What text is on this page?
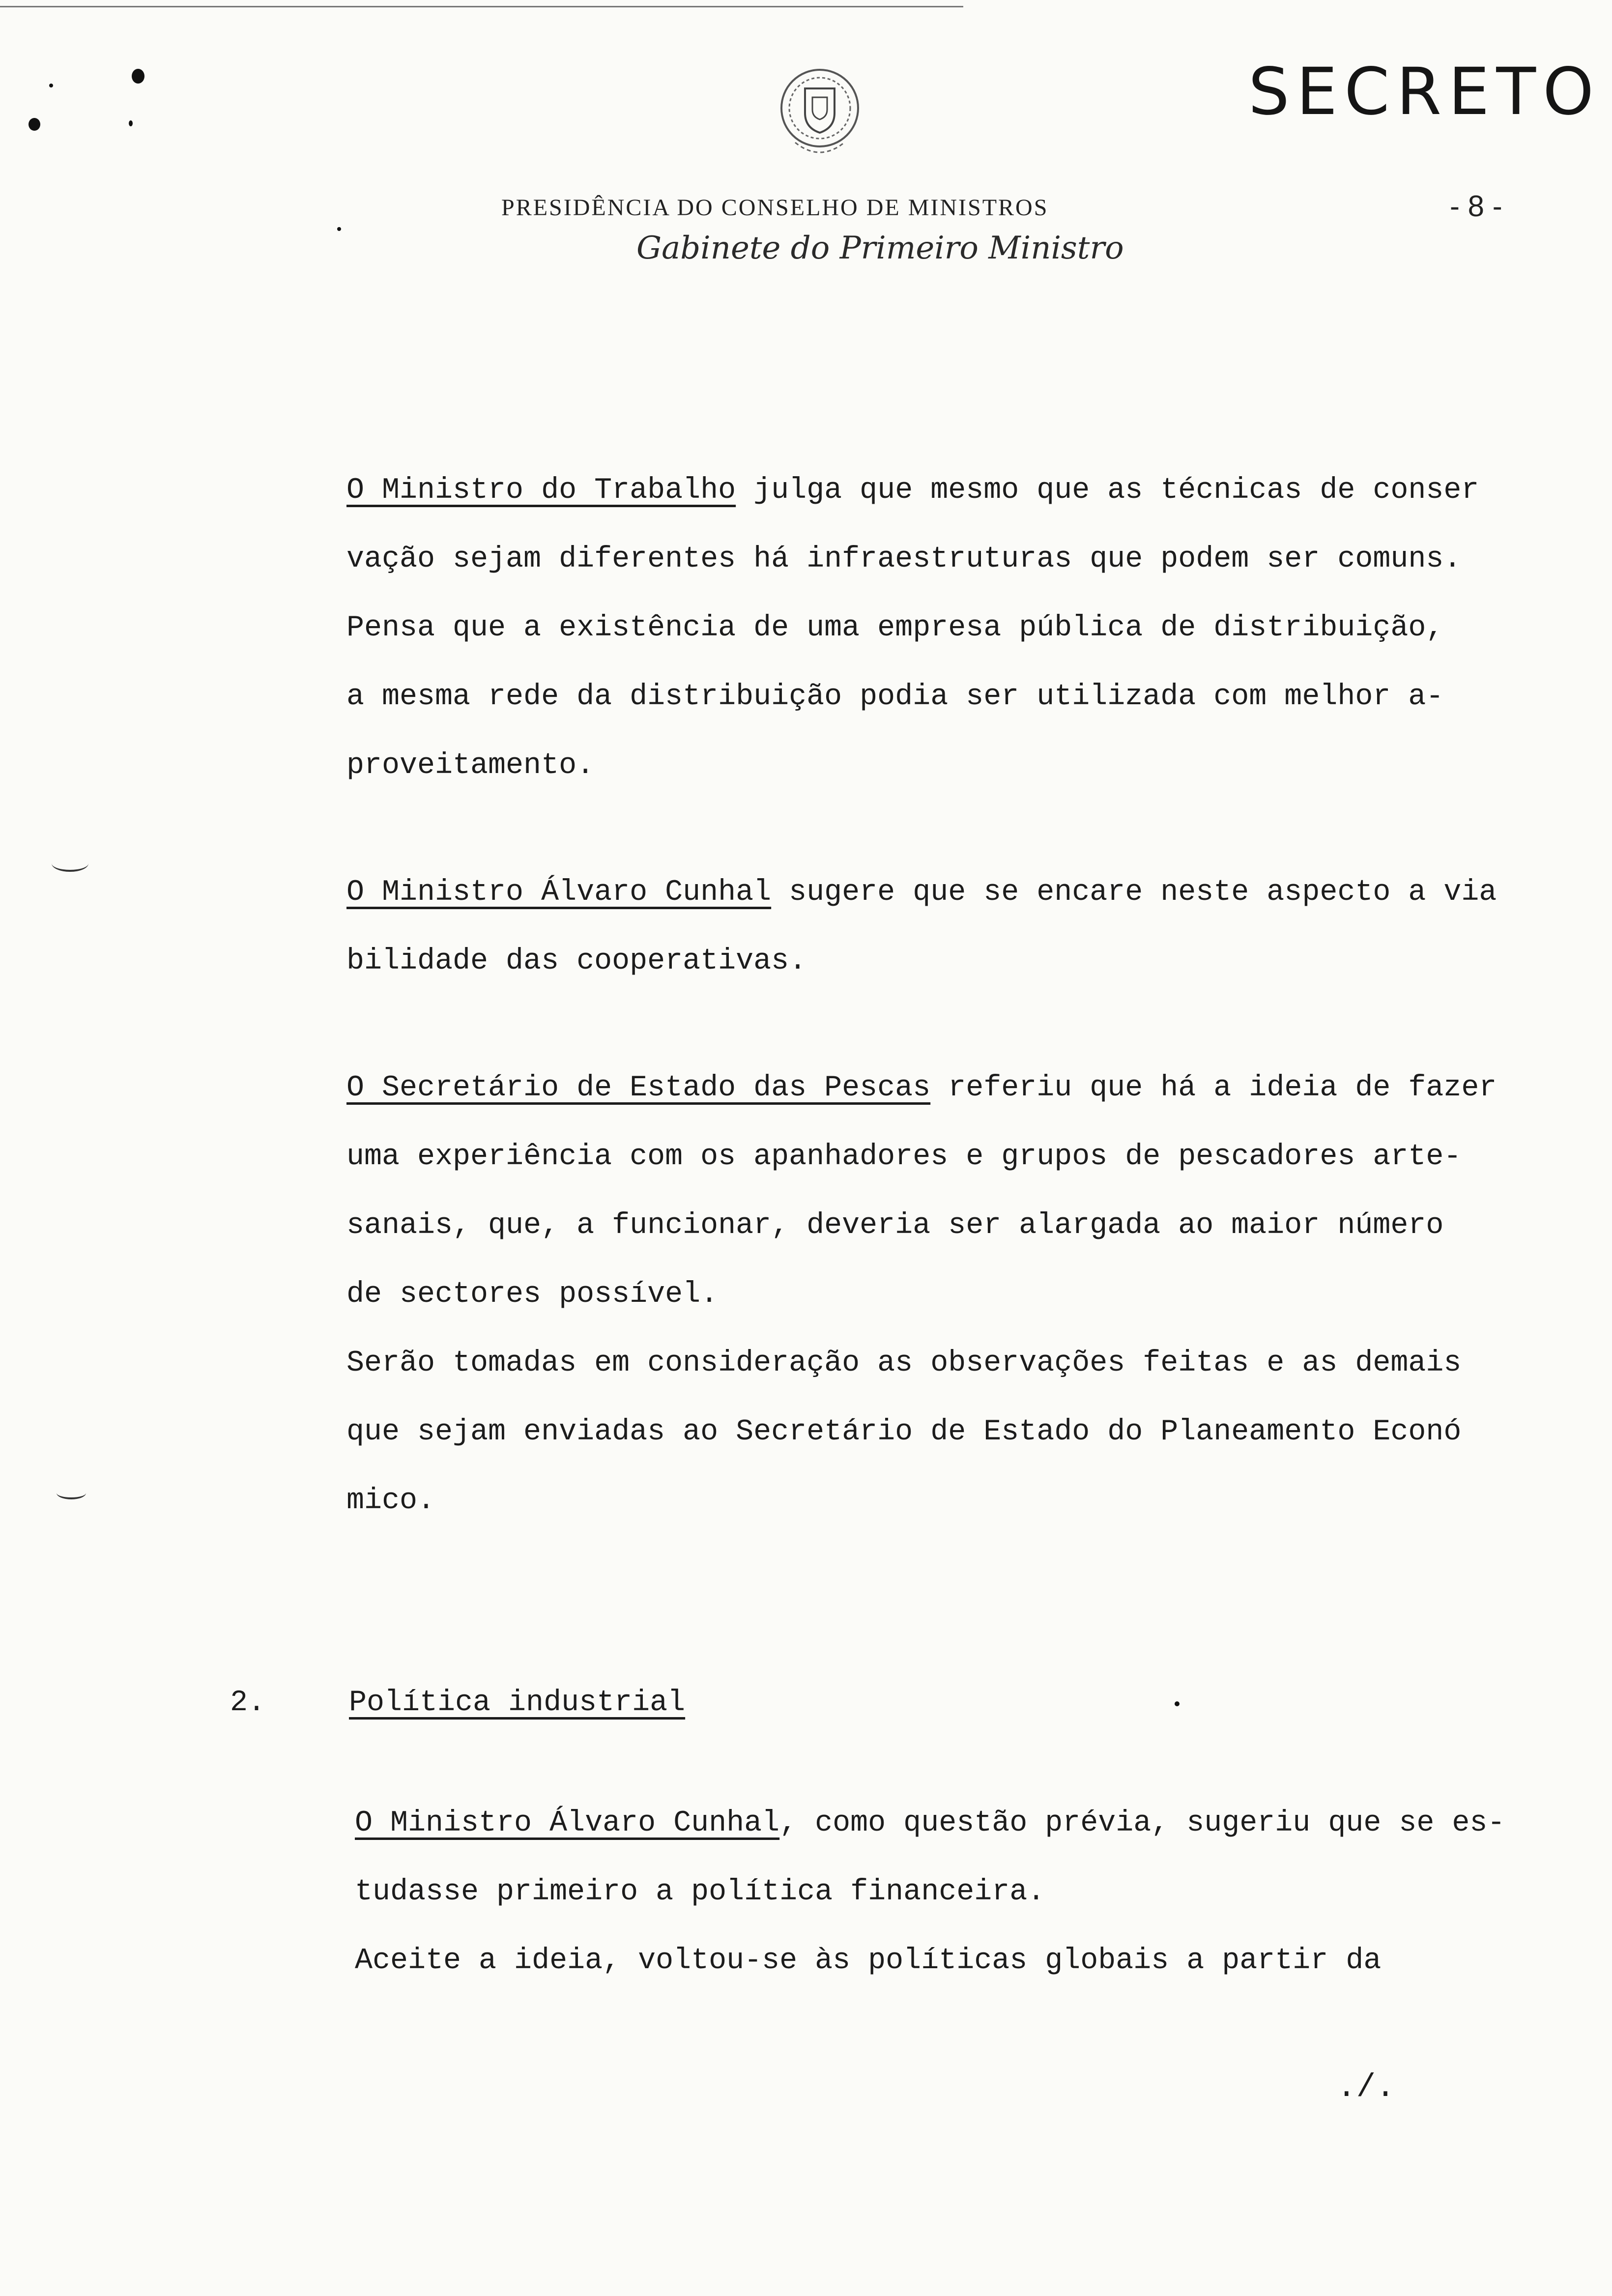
SECRETO
PRESIDÊNCIA DO CONSELHO DE MINISTROS	- 8 -
Gabinete do Primeiro Ministro
O Ministro do Trabalho julga que mesmo que as técnicas de conser
vação sejam diferentes há infraestruturas que podem ser comuns.
Pensa que a existência de uma empresa pública de distribuição,
a mesma rede da distribuição podia ser utilizada com melhor a-
proveitamento.
O Ministro Álvaro Cunhal sugere que se encare neste aspecto a via
bilidade das cooperativas.
O Secretário de Estado das Pescas referiu que há a ideia de fazer
uma experiência com os apanhadores e grupos de pescadores arte-
sanais, que, a funcionar, deveria ser alargada ao maior número
de sectores possível.
Serão tomadas em consideração as observações feitas e as demais
que sejam enviadas ao Secretário de Estado do Planeamento Econó
mico.
2.	Política industrial
O Ministro Álvaro Cunhal, como questão prévia, sugeriu que se es-
tudasse primeiro a política financeira.
Aceite a ideia, voltou-se às políticas globais a partir da
./.
